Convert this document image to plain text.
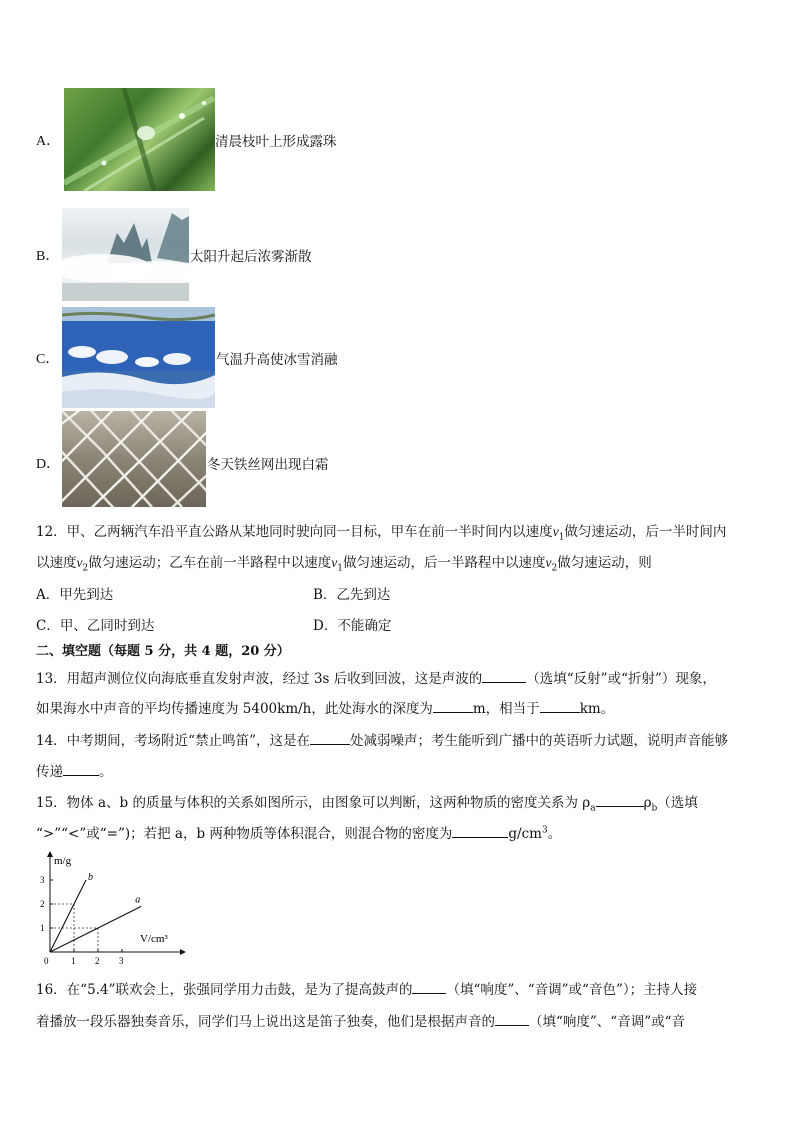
A．	清晨枝叶上形成露珠
B．	太阳升起后浓雾渐散
C．	气温升高使冰雪消融
D．	冬天铁丝网出现白霜
12．甲、乙两辆汽车沿平直公路从某地同时驶向同一目标，甲车在前一半时间内以速度$v_1$做匀速运动，后一半时间内
以速度$v_2$做匀速运动；乙车在前一半路程中以速度$v_1$做匀速运动，后一半路程中以速度$v_2$做匀速运动，则
A．甲先到达	B．乙先到达
C．甲、乙同时到达	D．不能确定
二、填空题（每题 5 分，共 4 题，20 分）
13．用超声测位仪向海底垂直发射声波，经过 3s 后收到回波，这是声波的	（选填“反射”或“折射”）现象，
如果海水中声音的平均传播速度为 5400km/h，此处海水的深度为	m，相当于	km。
14．中考期间，考场附近“禁止鸣笛”，这是在	处减弱噪声；考生能听到广播中的英语听力试题，说明声音能够
传递	。
15．物体 a、b 的质量与体积的关系如图所示，由图象可以判断，这两种物质的密度关系为 $\rho_a$	$\rho_b$（选填
“>”“<”或“=”)；若把 a，b 两种物质等体积混合，则混合物的密度为	$g/cm^3$。
b
a
1 2 3
1
2
3
m/g
V/cm³
0
16．在“5.4”联欢会上，张强同学用力击鼓，是为了提高鼓声的	（填“响度”、“音调”或“音色”）；主持人接
着播放一段乐器独奏音乐，同学们马上说出这是笛子独奏，他们是根据声音的	（填“响度”、“音调”或“音
